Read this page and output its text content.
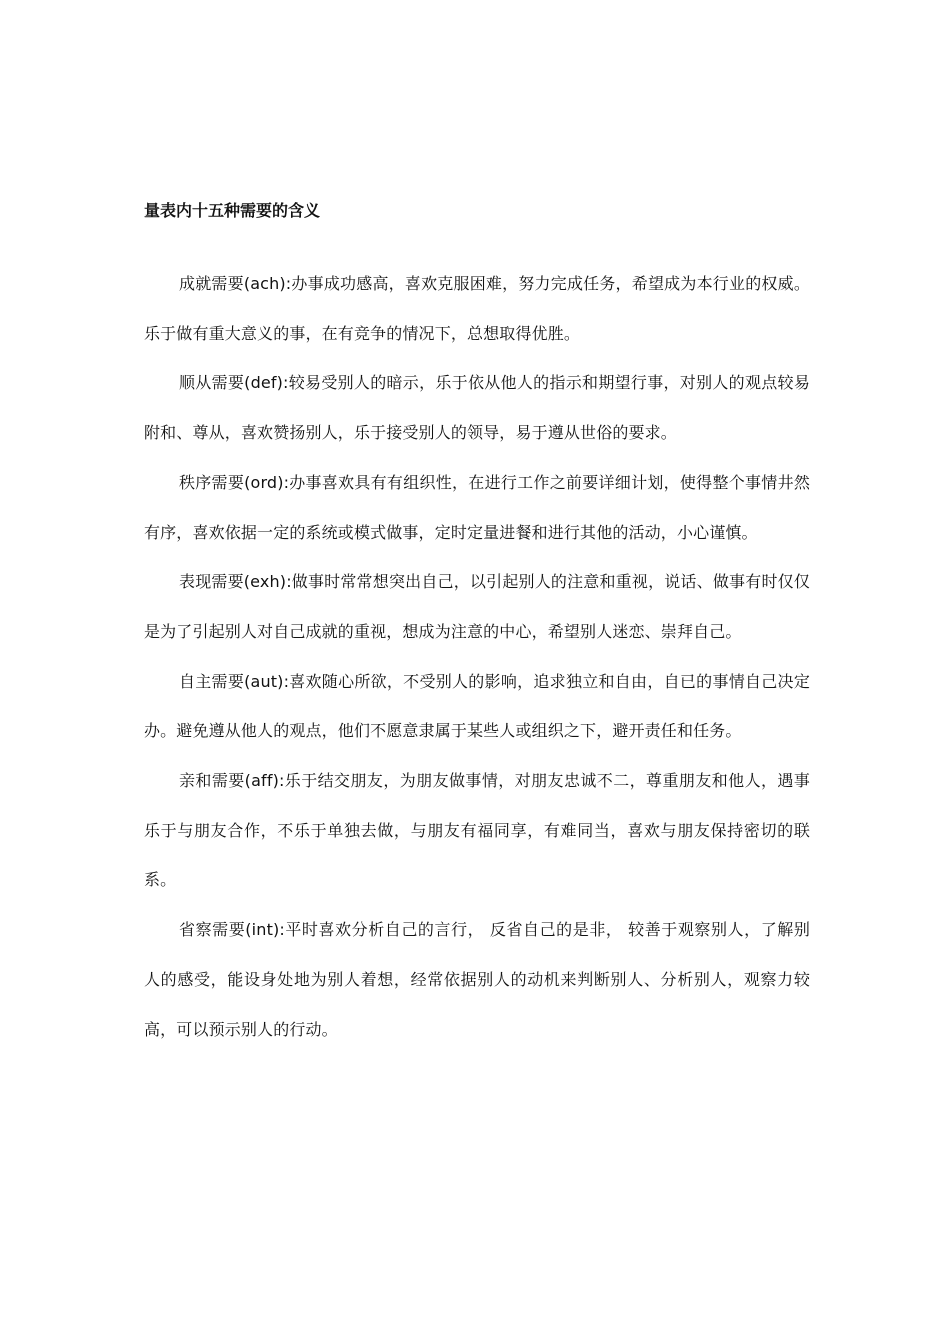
量表内十五种需要的含义

成就需要(ach):办事成功感高，喜欢克服困难，努力完成任务，希望成为本行业的权威。乐于做有重大意义的事，在有竞争的情况下，总想取得优胜。

顺从需要(def):较易受别人的暗示，乐于依从他人的指示和期望行事，对别人的观点较易附和、尊从，喜欢赞扬别人，乐于接受别人的领导，易于遵从世俗的要求。

秩序需要(ord):办事喜欢具有有组织性，在进行工作之前要详细计划，使得整个事情井然有序，喜欢依据一定的系统或模式做事，定时定量进餐和进行其他的活动，小心谨慎。

表现需要(exh):做事时常常想突出自己，以引起别人的注意和重视，说话、做事有时仅仅是为了引起别人对自己成就的重视，想成为注意的中心，希望别人迷恋、崇拜自己。

自主需要(aut):喜欢随心所欲，不受别人的影响，追求独立和自由，自已的事情自己决定办。避免遵从他人的观点，他们不愿意隶属于某些人或组织之下，避开责任和任务。

亲和需要(aff):乐于结交朋友，为朋友做事情，对朋友忠诚不二，尊重朋友和他人，遇事乐于与朋友合作，不乐于单独去做，与朋友有福同享，有难同当，喜欢与朋友保持密切的联系。

省察需要(int):平时喜欢分析自己的言行， 反省自己的是非， 较善于观察别人，了解别人的感受，能设身处地为别人着想，经常依据别人的动机来判断别人、分析别人，观察力较高，可以预示别人的行动。
